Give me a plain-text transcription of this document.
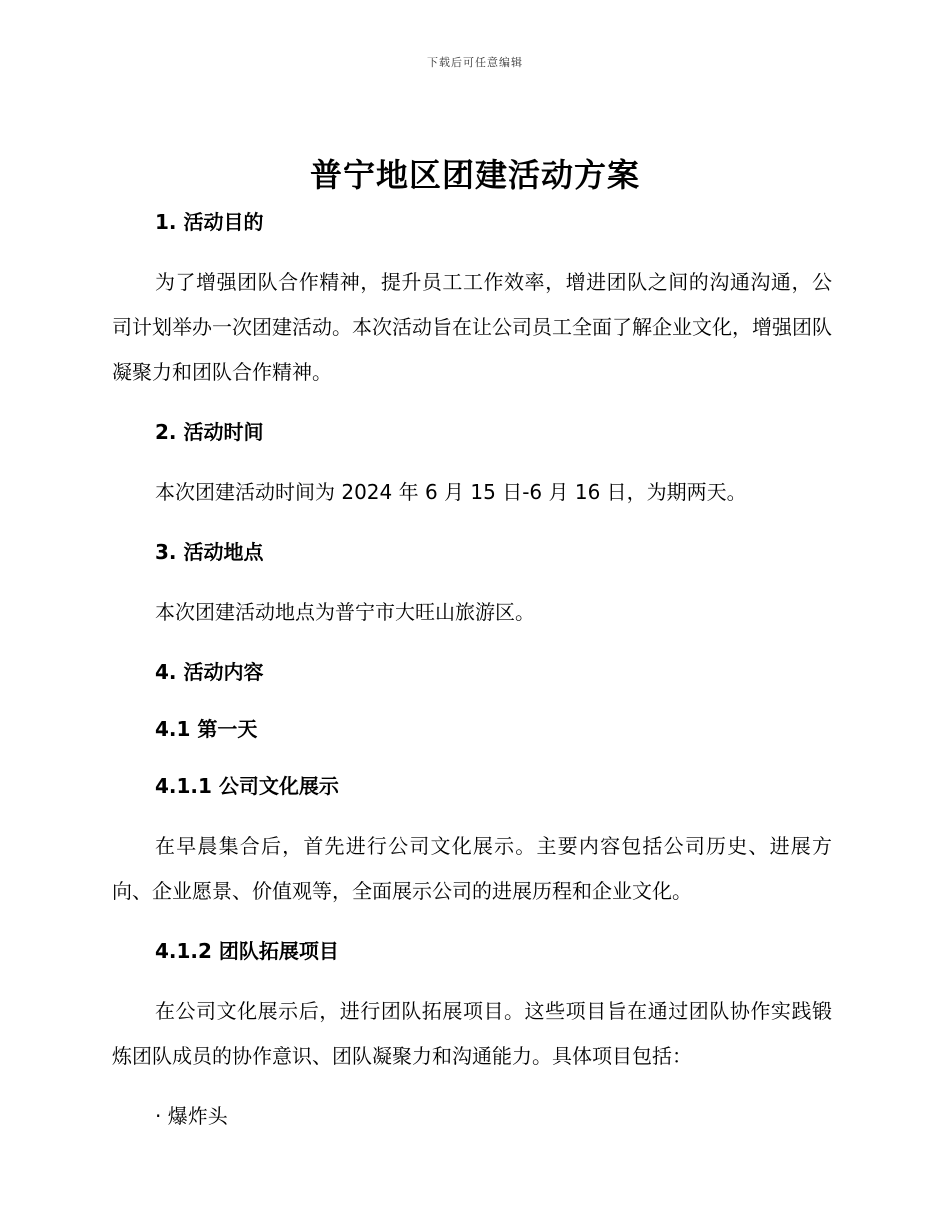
下载后可任意编辑
普宁地区团建活动方案
1. 活动目的
为了增强团队合作精神，提升员工工作效率，增进团队之间的沟通沟通，公司计划举办一次团建活动。本次活动旨在让公司员工全面了解企业文化，增强团队凝聚力和团队合作精神。
2. 活动时间
本次团建活动时间为 2024 年 6 月 15 日-6 月 16 日，为期两天。
3. 活动地点
本次团建活动地点为普宁市大旺山旅游区。
4. 活动内容
4.1 第一天
4.1.1 公司文化展示
在早晨集合后，首先进行公司文化展示。主要内容包括公司历史、进展方向、企业愿景、价值观等，全面展示公司的进展历程和企业文化。
4.1.2 团队拓展项目
在公司文化展示后，进行团队拓展项目。这些项目旨在通过团队协作实践锻炼团队成员的协作意识、团队凝聚力和沟通能力。具体项目包括：
· 爆炸头
